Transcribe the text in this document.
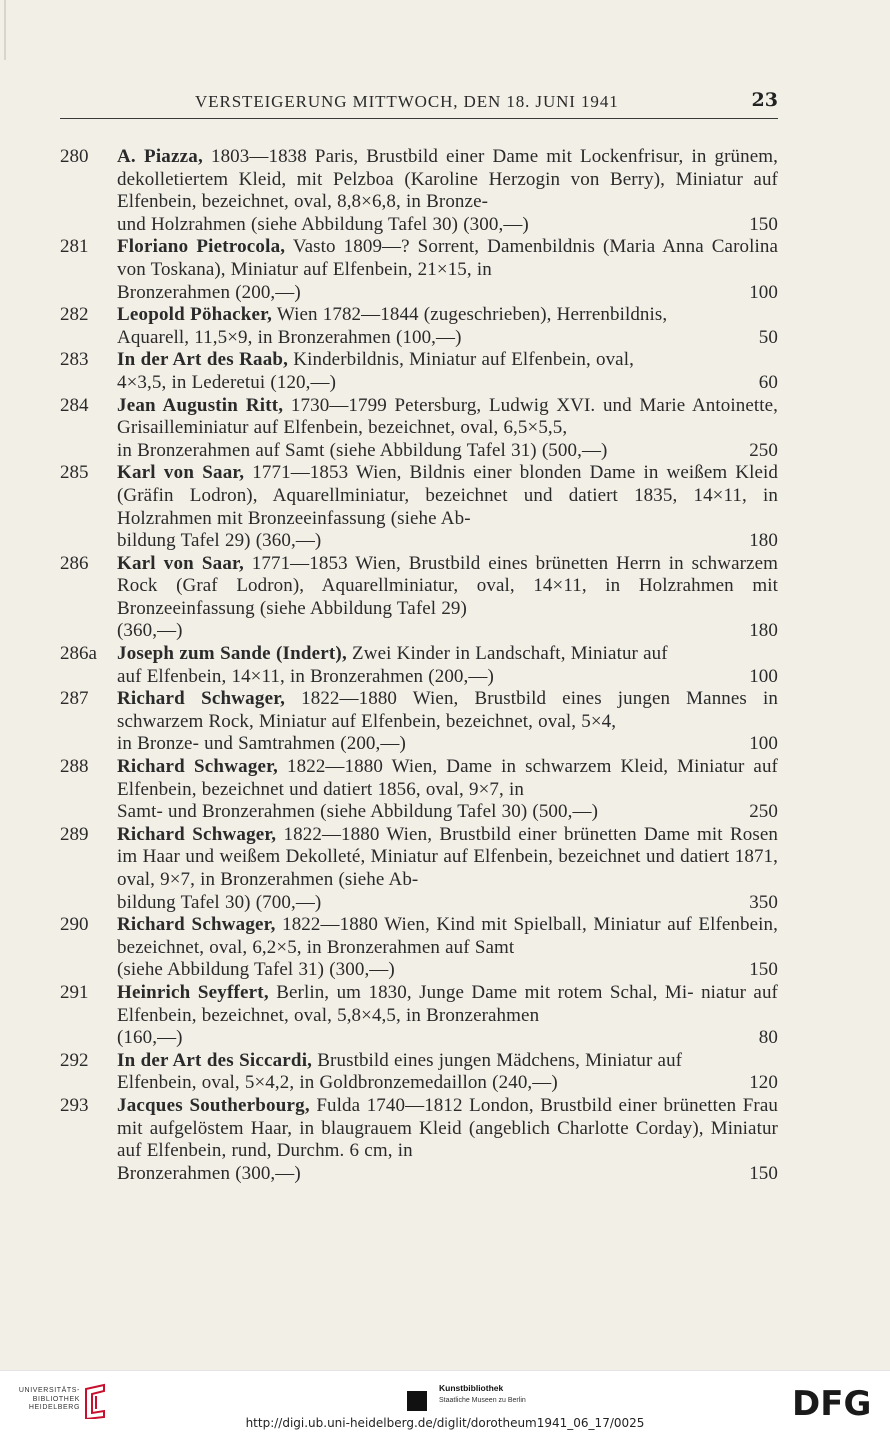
VERSTEIGERUNG MITTWOCH, DEN 18. JUNI 1941	23
280 A. Piazza, 1803—1838 Paris, Brustbild einer Dame mit Lockenfrisur, in grünem, dekolletiertem Kleid, mit Pelzboa (Karoline Herzogin von Berry), Miniatur auf Elfenbein, bezeichnet, oval, 8,8×6,8, in Bronze-
und Holzrahmen (siehe Abbildung Tafel 30) (300,—)	150
281 Floriano Pietrocola, Vasto 1809—? Sorrent, Damenbildnis (Maria Anna Carolina von Toskana), Miniatur auf Elfenbein, 21×15, in
Bronzerahmen (200,—)	100
282 Leopold Pöhacker, Wien 1782—1844 (zugeschrieben), Herrenbildnis,
Aquarell, 11,5×9, in Bronzerahmen (100,—)	50
283 In der Art des Raab, Kinderbildnis, Miniatur auf Elfenbein, oval,
4×3,5, in Lederetui (120,—)	60
284 Jean Augustin Ritt, 1730—1799 Petersburg, Ludwig XVI. und Marie Antoinette, Grisailleminiatur auf Elfenbein, bezeichnet, oval, 6,5×5,5,
in Bronzerahmen auf Samt (siehe Abbildung Tafel 31) (500,—)	250
285 Karl von Saar, 1771—1853 Wien, Bildnis einer blonden Dame in weißem Kleid (Gräfin Lodron), Aquarellminiatur, bezeichnet und datiert 1835, 14×11, in Holzrahmen mit Bronzeeinfassung (siehe Ab-
bildung Tafel 29) (360,—)	180
286 Karl von Saar, 1771—1853 Wien, Brustbild eines brünetten Herrn in schwarzem Rock (Graf Lodron), Aquarellminiatur, oval, 14×11, in Holzrahmen mit Bronzeeinfassung (siehe Abbildung Tafel 29)
(360,—)	180
286a Joseph zum Sande (Indert), Zwei Kinder in Landschaft, Miniatur auf
auf Elfenbein, 14×11, in Bronzerahmen (200,—)	100
287 Richard Schwager, 1822—1880 Wien, Brustbild eines jungen Mannes in schwarzem Rock, Miniatur auf Elfenbein, bezeichnet, oval, 5×4,
in Bronze- und Samtrahmen (200,—)	100
288 Richard Schwager, 1822—1880 Wien, Dame in schwarzem Kleid, Miniatur auf Elfenbein, bezeichnet und datiert 1856, oval, 9×7, in
Samt- und Bronzerahmen (siehe Abbildung Tafel 30) (500,—)	250
289 Richard Schwager, 1822—1880 Wien, Brustbild einer brünetten Dame mit Rosen im Haar und weißem Dekolleté, Miniatur auf Elfenbein, bezeichnet und datiert 1871, oval, 9×7, in Bronzerahmen (siehe Ab-
bildung Tafel 30) (700,—)	350
290 Richard Schwager, 1822—1880 Wien, Kind mit Spielball, Miniatur auf Elfenbein, bezeichnet, oval, 6,2×5, in Bronzerahmen auf Samt
(siehe Abbildung Tafel 31) (300,—)	150
291 Heinrich Seyffert, Berlin, um 1830, Junge Dame mit rotem Schal, Mi- niatur auf Elfenbein, bezeichnet, oval, 5,8×4,5, in Bronzerahmen
(160,—)	80
292 In der Art des Siccardi, Brustbild eines jungen Mädchens, Miniatur auf
Elfenbein, oval, 5×4,2, in Goldbronzemedaillon (240,—)	120
293 Jacques Southerbourg, Fulda 1740—1812 London, Brustbild einer brünetten Frau mit aufgelöstem Haar, in blaugrauem Kleid (angeblich Charlotte Corday), Miniatur auf Elfenbein, rund, Durchm. 6 cm, in
Bronzerahmen (300,—)	150
UNIVERSITÄTS-
BIBLIOTHEK
HEIDELBERG
Kunstbibliothek
Staatliche Museen zu Berlin	DFG
http://digi.ub.uni-heidelberg.de/diglit/dorotheum1941_06_17/0025
